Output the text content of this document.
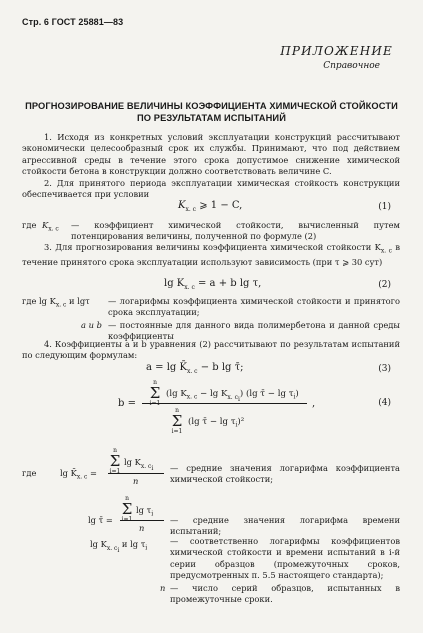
Стр. 6 ГОСТ 25881—83
ПРИЛОЖЕНИЕ
Справочное
ПРОГНОЗИРОВАНИЕ ВЕЛИЧИНЫ КОЭФФИЦИЕНТА ХИМИЧЕСКОЙ СТОЙКОСТИ
ПО РЕЗУЛЬТАТАМ ИСПЫТАНИЙ
1. Исходя из конкретных условий эксплуатации конструкций рассчитывают экономически целесообразный срок их службы. Принимают, что под действием агрессивной среды в течение этого срока допустимое снижение химической стойкости бетона в конструкции должно соответствовать величине C.
2. Для принятого периода эксплуатации химическая стойкость конструкции обеспечивается при условии
$K_{х. с}$ ⩾ 1 − C,	(1)
где $K_{х. с}$ — коэффициент химической стойкости, вычисленный путем потенцирования величины, полученной по формуле (2)
3. Для прогнозирования величины коэффициента химической стойкости $K_{х. с}$ в течение принятого срока эксплуатации используют зависимость (при τ ⩾ 30 сут)
$\lg K_{х. с} = a + b$ lg τ,	(2)
где $\lg K_{х. с}$ и lgτ — логарифмы коэффициента химической стойкости и принятого срока эксплуатации;
a и b — постоянные для данного вида полимербетона и данной среды коэффициенты
4. Коэффициенты a и b уравнения (2) рассчитывают по результатам испытаний по следующим формулам:
$a = \lg K̄_{х. с} - b$ lg τ̄;	(3)
b =
n
Σ
i=1
(lg $K_{х. с} - \lg K_{х. с_i}$) (lg τ̄ − $\lg \tau_i$)
n
Σ
i=1
(lg τ̄ − $\lg \tau_i)^2$
,	(4)
где	$\lg K̄_{х. с}$ =
n
Σ
i=1
$\lg K_{х. с_i}$
n
— средние значения логарифма коэффициента химической стойкости;
lg τ̄ =
n
Σ
i=1
$\lg \tau_i$
n
— средние значения логарифма времени испытаний;
$\lg K_{х. с_i}$ и $\lg \tau_i$
— соответственно логарифмы коэффициентов химической стойкости и времени испытаний в i-й серии образцов (промежуточных сроков, предусмотренных п. 5.5 настоящего стандарта);
n — число серий образцов, испытанных в промежуточные сроки.
